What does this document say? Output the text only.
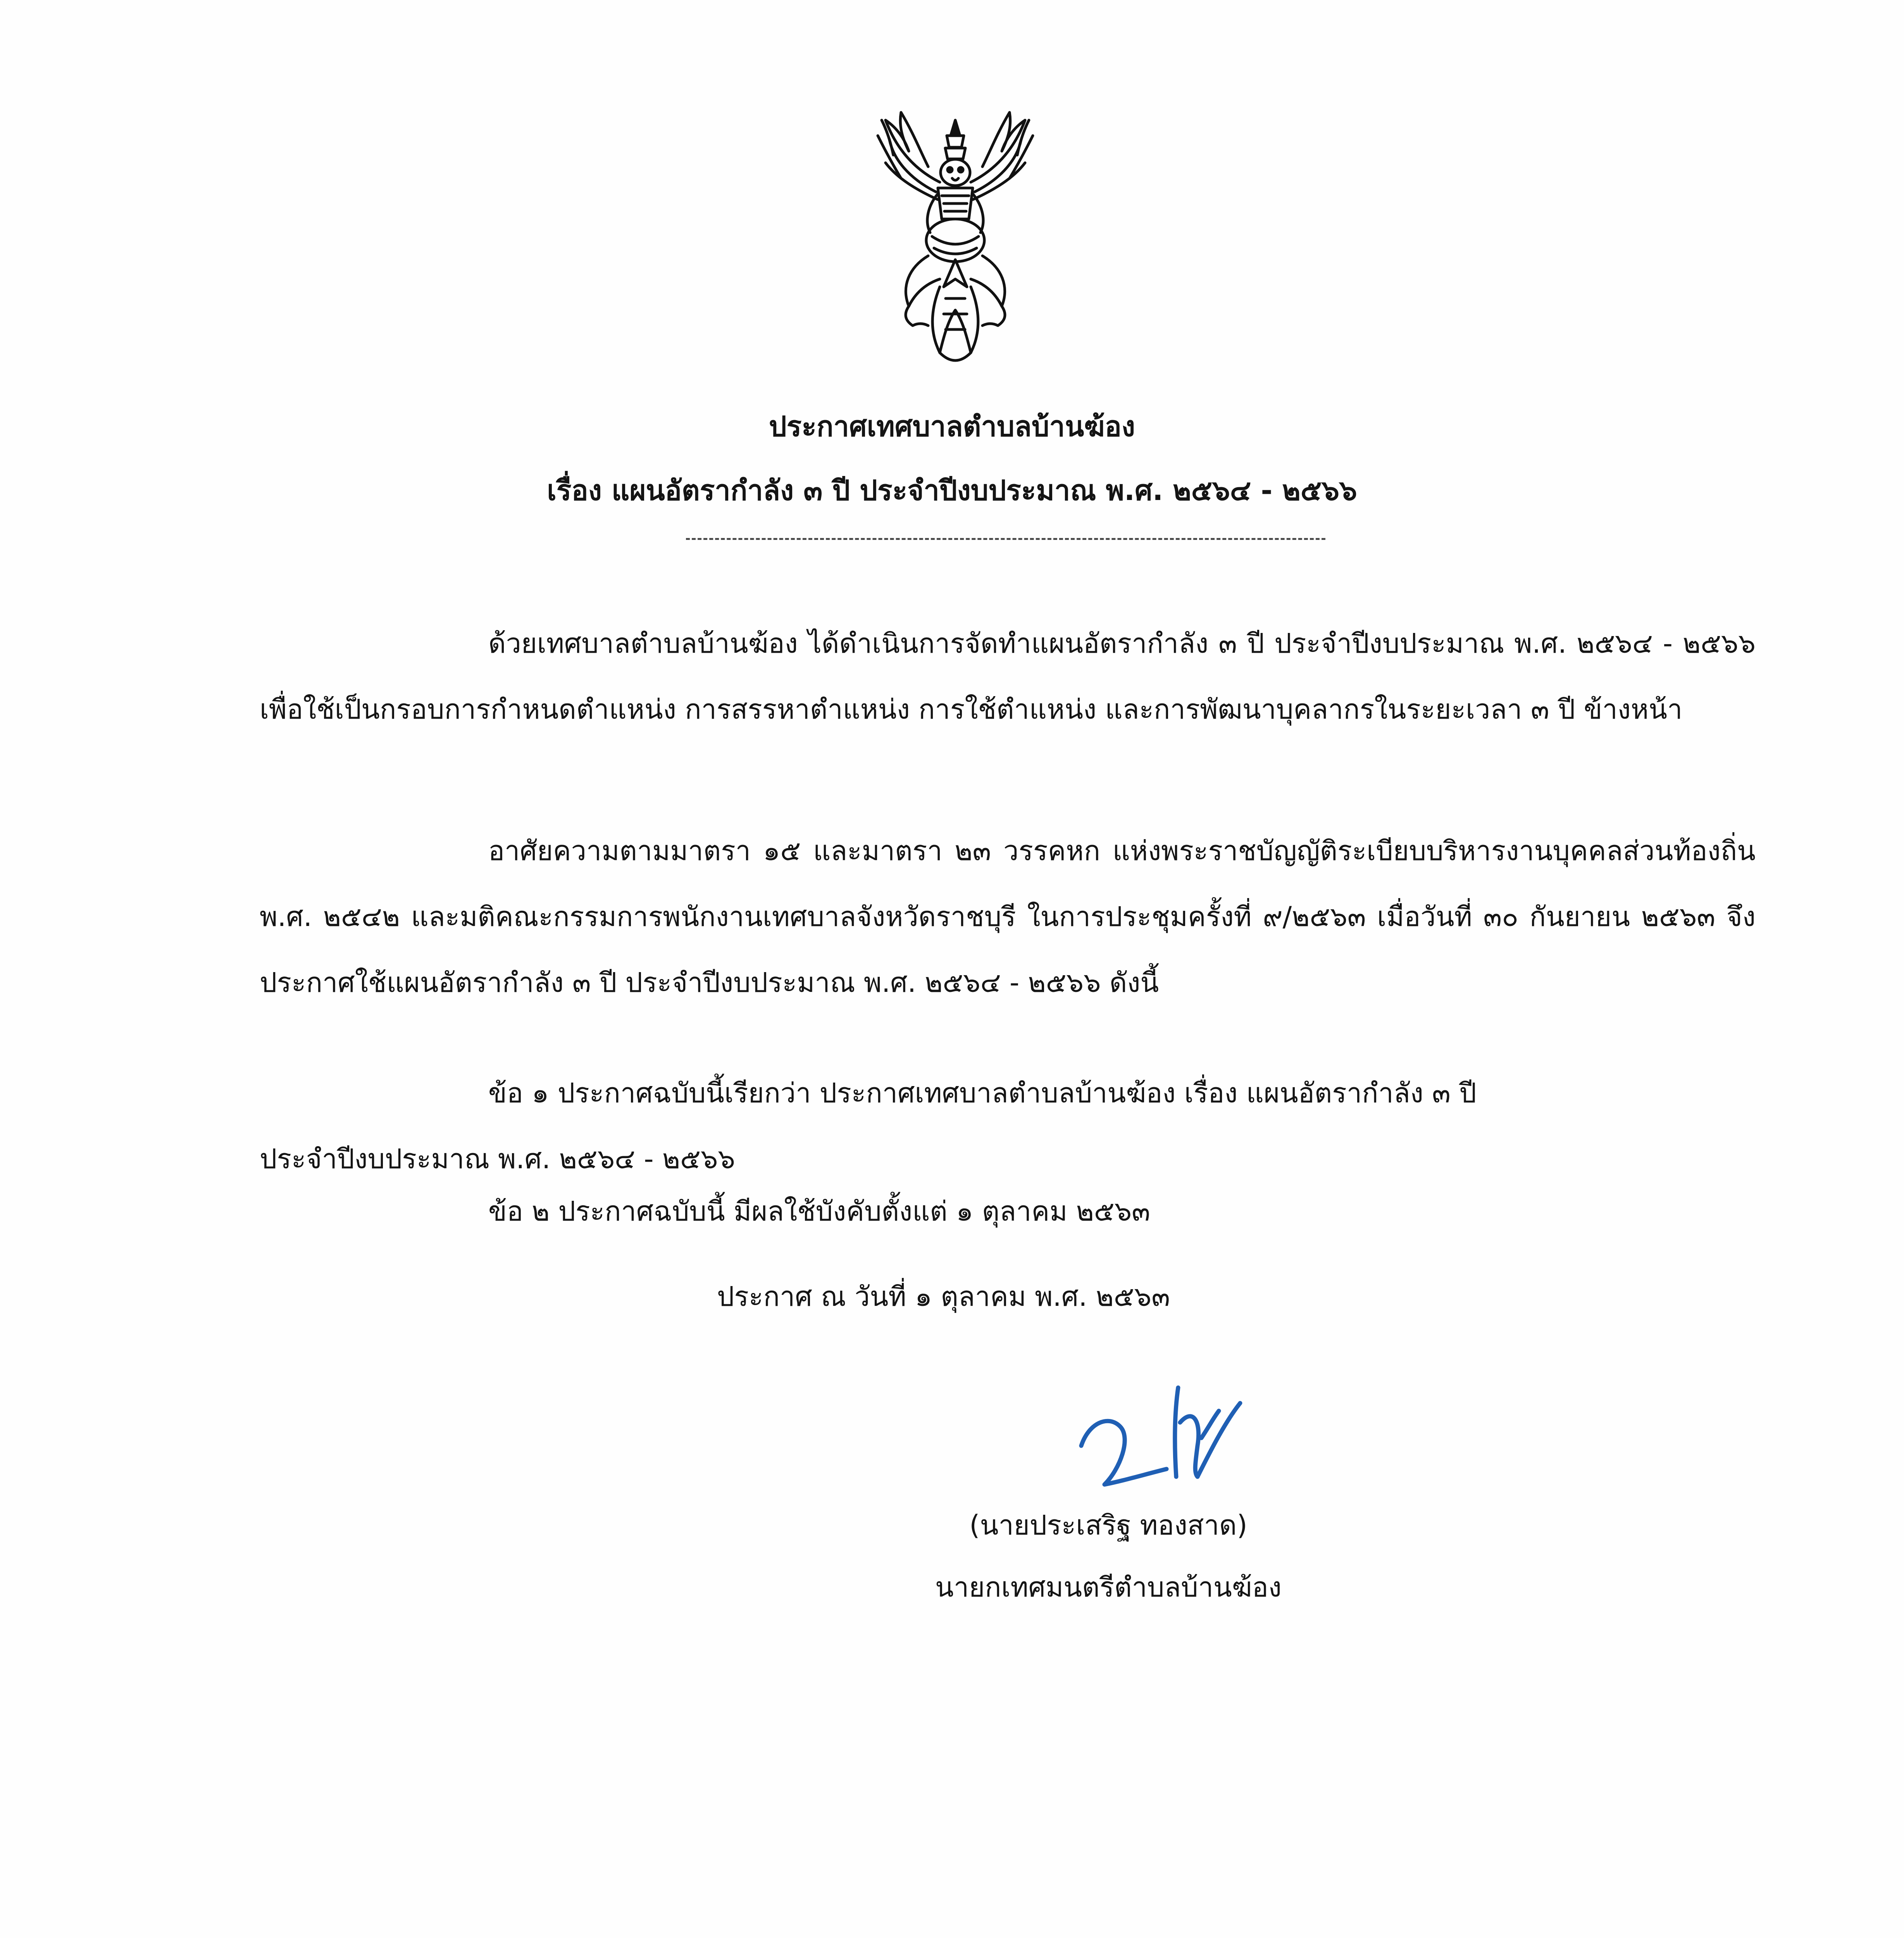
ประกาศเทศบาลตำบลบ้านฆ้อง
เรื่อง แผนอัตรากำลัง ๓ ปี ประจำปีงบประมาณ พ.ศ. ๒๕๖๔ - ๒๕๖๖
ด้วยเทศบาลตำบลบ้านฆ้อง ได้ดำเนินการจัดทำแผนอัตรากำลัง ๓ ปี ประจำปีงบประมาณ พ.ศ. ๒๕๖๔ - ๒๕๖๖ เพื่อใช้เป็นกรอบการกำหนดตำแหน่ง การสรรหาตำแหน่ง การใช้ตำแหน่ง และการพัฒนาบุคลากรในระยะเวลา ๓ ปี ข้างหน้า
อาศัยความตามมาตรา ๑๕ และมาตรา ๒๓ วรรคหก แห่งพระราชบัญญัติระเบียบบริหารงานบุคคลส่วนท้องถิ่น พ.ศ. ๒๕๔๒ และมติคณะกรรมการพนักงานเทศบาลจังหวัดราชบุรี ในการประชุมครั้งที่ ๙/๒๕๖๓ เมื่อวันที่ ๓๐ กันยายน ๒๕๖๓ จึงประกาศใช้แผนอัตรากำลัง ๓ ปี ประจำปีงบประมาณ พ.ศ. ๒๕๖๔ - ๒๕๖๖ ดังนี้
ข้อ ๑ ประกาศฉบับนี้เรียกว่า ประกาศเทศบาลตำบลบ้านฆ้อง เรื่อง แผนอัตรากำลัง ๓ ปี
ประจำปีงบประมาณ พ.ศ. ๒๕๖๔ - ๒๕๖๖
ข้อ ๒ ประกาศฉบับนี้ มีผลใช้บังคับตั้งแต่ ๑ ตุลาคม ๒๕๖๓
ประกาศ ณ วันที่ ๑ ตุลาคม พ.ศ. ๒๕๖๓
(นายประเสริฐ ทองสาด)
นายกเทศมนตรีตำบลบ้านฆ้อง
